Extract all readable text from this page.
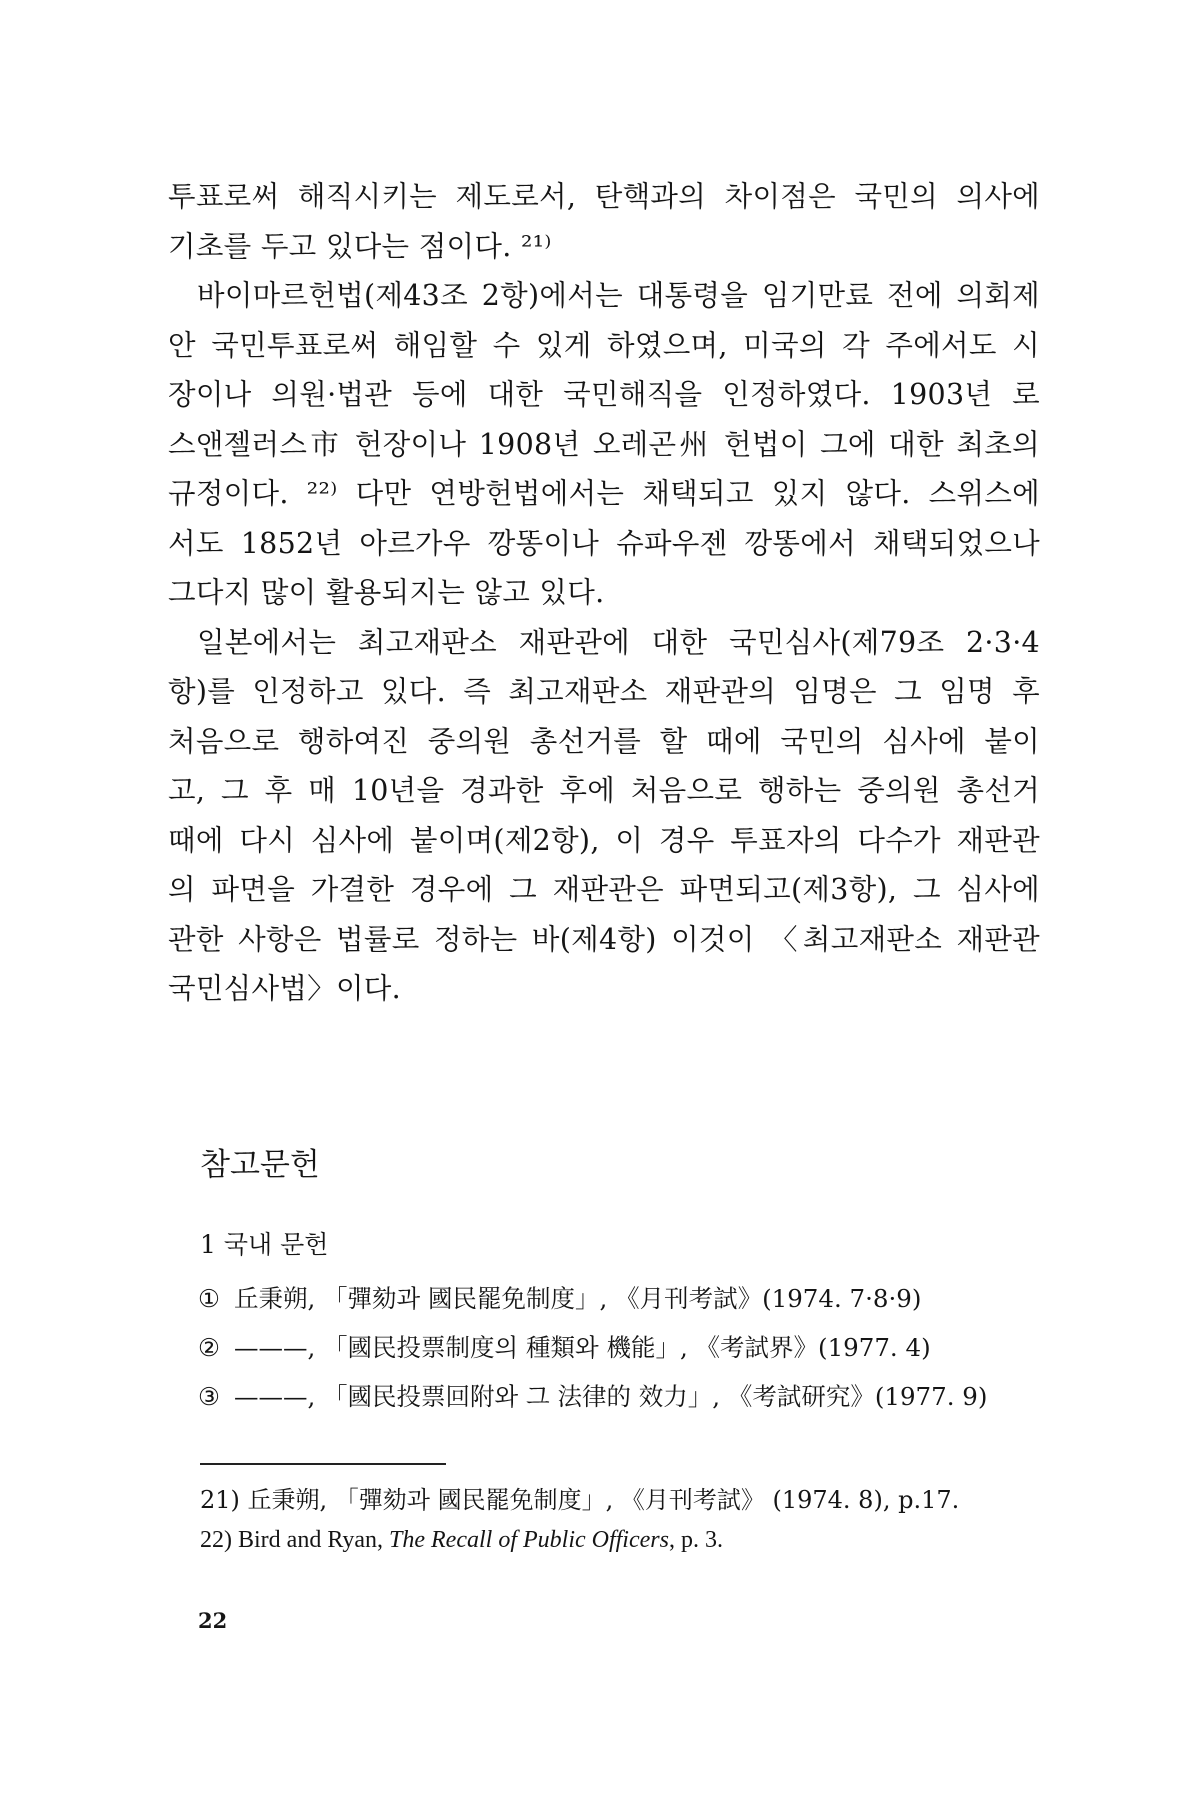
투표로써 해직시키는 제도로서, 탄핵과의 차이점은 국민의 의사에
기초를 두고 있다는 점이다. ²¹⁾
바이마르헌법(제43조 2항)에서는 대통령을 임기만료 전에 의회제
안 국민투표로써 해임할 수 있게 하였으며, 미국의 각 주에서도 시
장이나 의원·법관 등에 대한 국민해직을 인정하였다. 1903년 로
스앤젤러스市 헌장이나 1908년 오레곤州 헌법이 그에 대한 최초의
규정이다. ²²⁾ 다만 연방헌법에서는 채택되고 있지 않다. 스위스에
서도 1852년 아르가우 깡똥이나 슈파우젠 깡똥에서 채택되었으나
그다지 많이 활용되지는 않고 있다.
일본에서는 최고재판소 재판관에 대한 국민심사(제79조 2·3·4
항)를 인정하고 있다. 즉 최고재판소 재판관의 임명은 그 임명 후
처음으로 행하여진 중의원 총선거를 할 때에 국민의 심사에 붙이
고, 그 후 매 10년을 경과한 후에 처음으로 행하는 중의원 총선거
때에 다시 심사에 붙이며(제2항), 이 경우 투표자의 다수가 재판관
의 파면을 가결한 경우에 그 재판관은 파면되고(제3항), 그 심사에
관한 사항은 법률로 정하는 바(제4항) 이것이 〈최고재판소 재판관
국민심사법〉이다.
참고문헌
1 국내 문헌
① 丘秉朔, 「彈劾과 國民罷免制度」, 《月刊考試》(1974. 7·8·9)
② ———, 「國民投票制度의 種類와 機能」, 《考試界》(1977. 4)
③ ———, 「國民投票回附와 그 法律的 效力」, 《考試研究》(1977. 9)
21) 丘秉朔, 「彈劾과 國民罷免制度」, 《月刊考試》 (1974. 8), p.17.
22) Bird and Ryan, The Recall of Public Officers, p. 3.
22
